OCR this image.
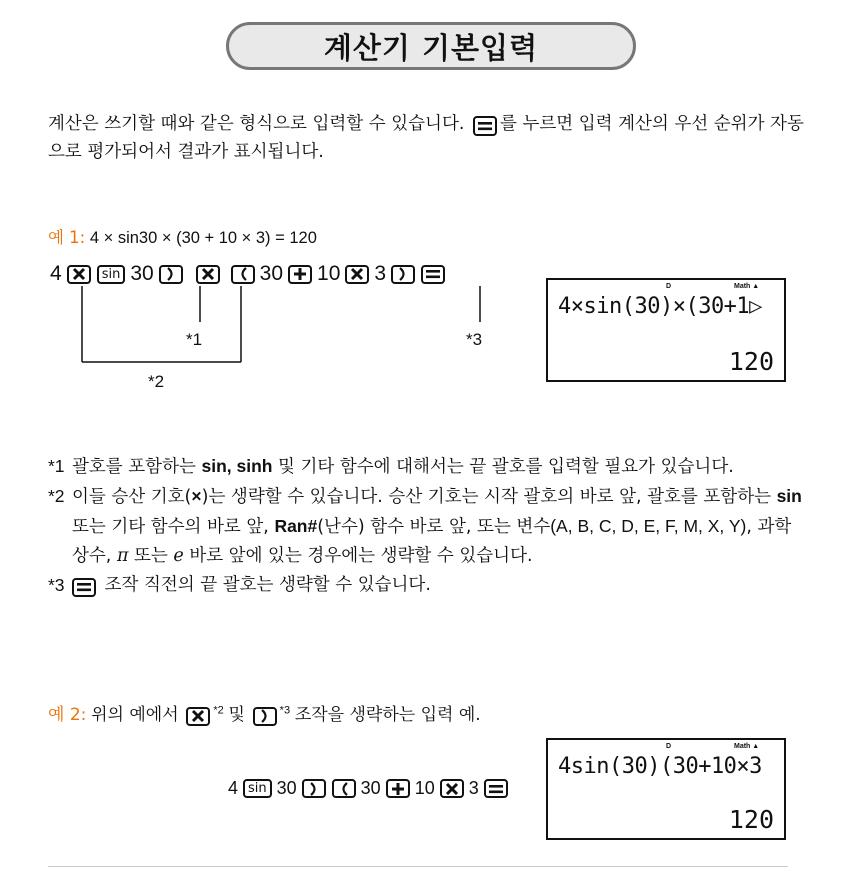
계산기 기본입력
계산은 쓰기할 때와 같은 형식으로 입력할 수 있습니다. 를 누르면 입력 계산의 우선 순위가 자동으로 평가되어서 결과가 표시됩니다.
예 1: 4 × sin30 × (30 + 10 × 3) = 120
4	sin 30	30 10 3
*1
*2
*3
D	Math ▲
4×sin(30)×(30+1▷
120
*1 괄호를 포함하는 sin, sinh 및 기타 함수에 대해서는 끝 괄호를 입력할 필요가 있습니다.
*2 이들 승산 기호(×)는 생략할 수 있습니다. 승산 기호는 시작 괄호의 바로 앞, 괄호를 포함하는 sin 또는 기타 함수의 바로 앞, Ran#(난수) 함수 바로 앞, 또는 변수(A, B, C, D, E, F, M, X, Y), 과학 상수, π 또는 e 바로 앞에 있는 경우에는 생략할 수 있습니다.
*3 조작 직전의 끝 괄호는 생략할 수 있습니다.
예 2: 위의 예에서	$^{*2}$ 및	$^{*3}$ 조작을 생략하는 입력 예.
4 sin 30	30 10 3
D	Math ▲
4sin(30)(30+10×3
120
